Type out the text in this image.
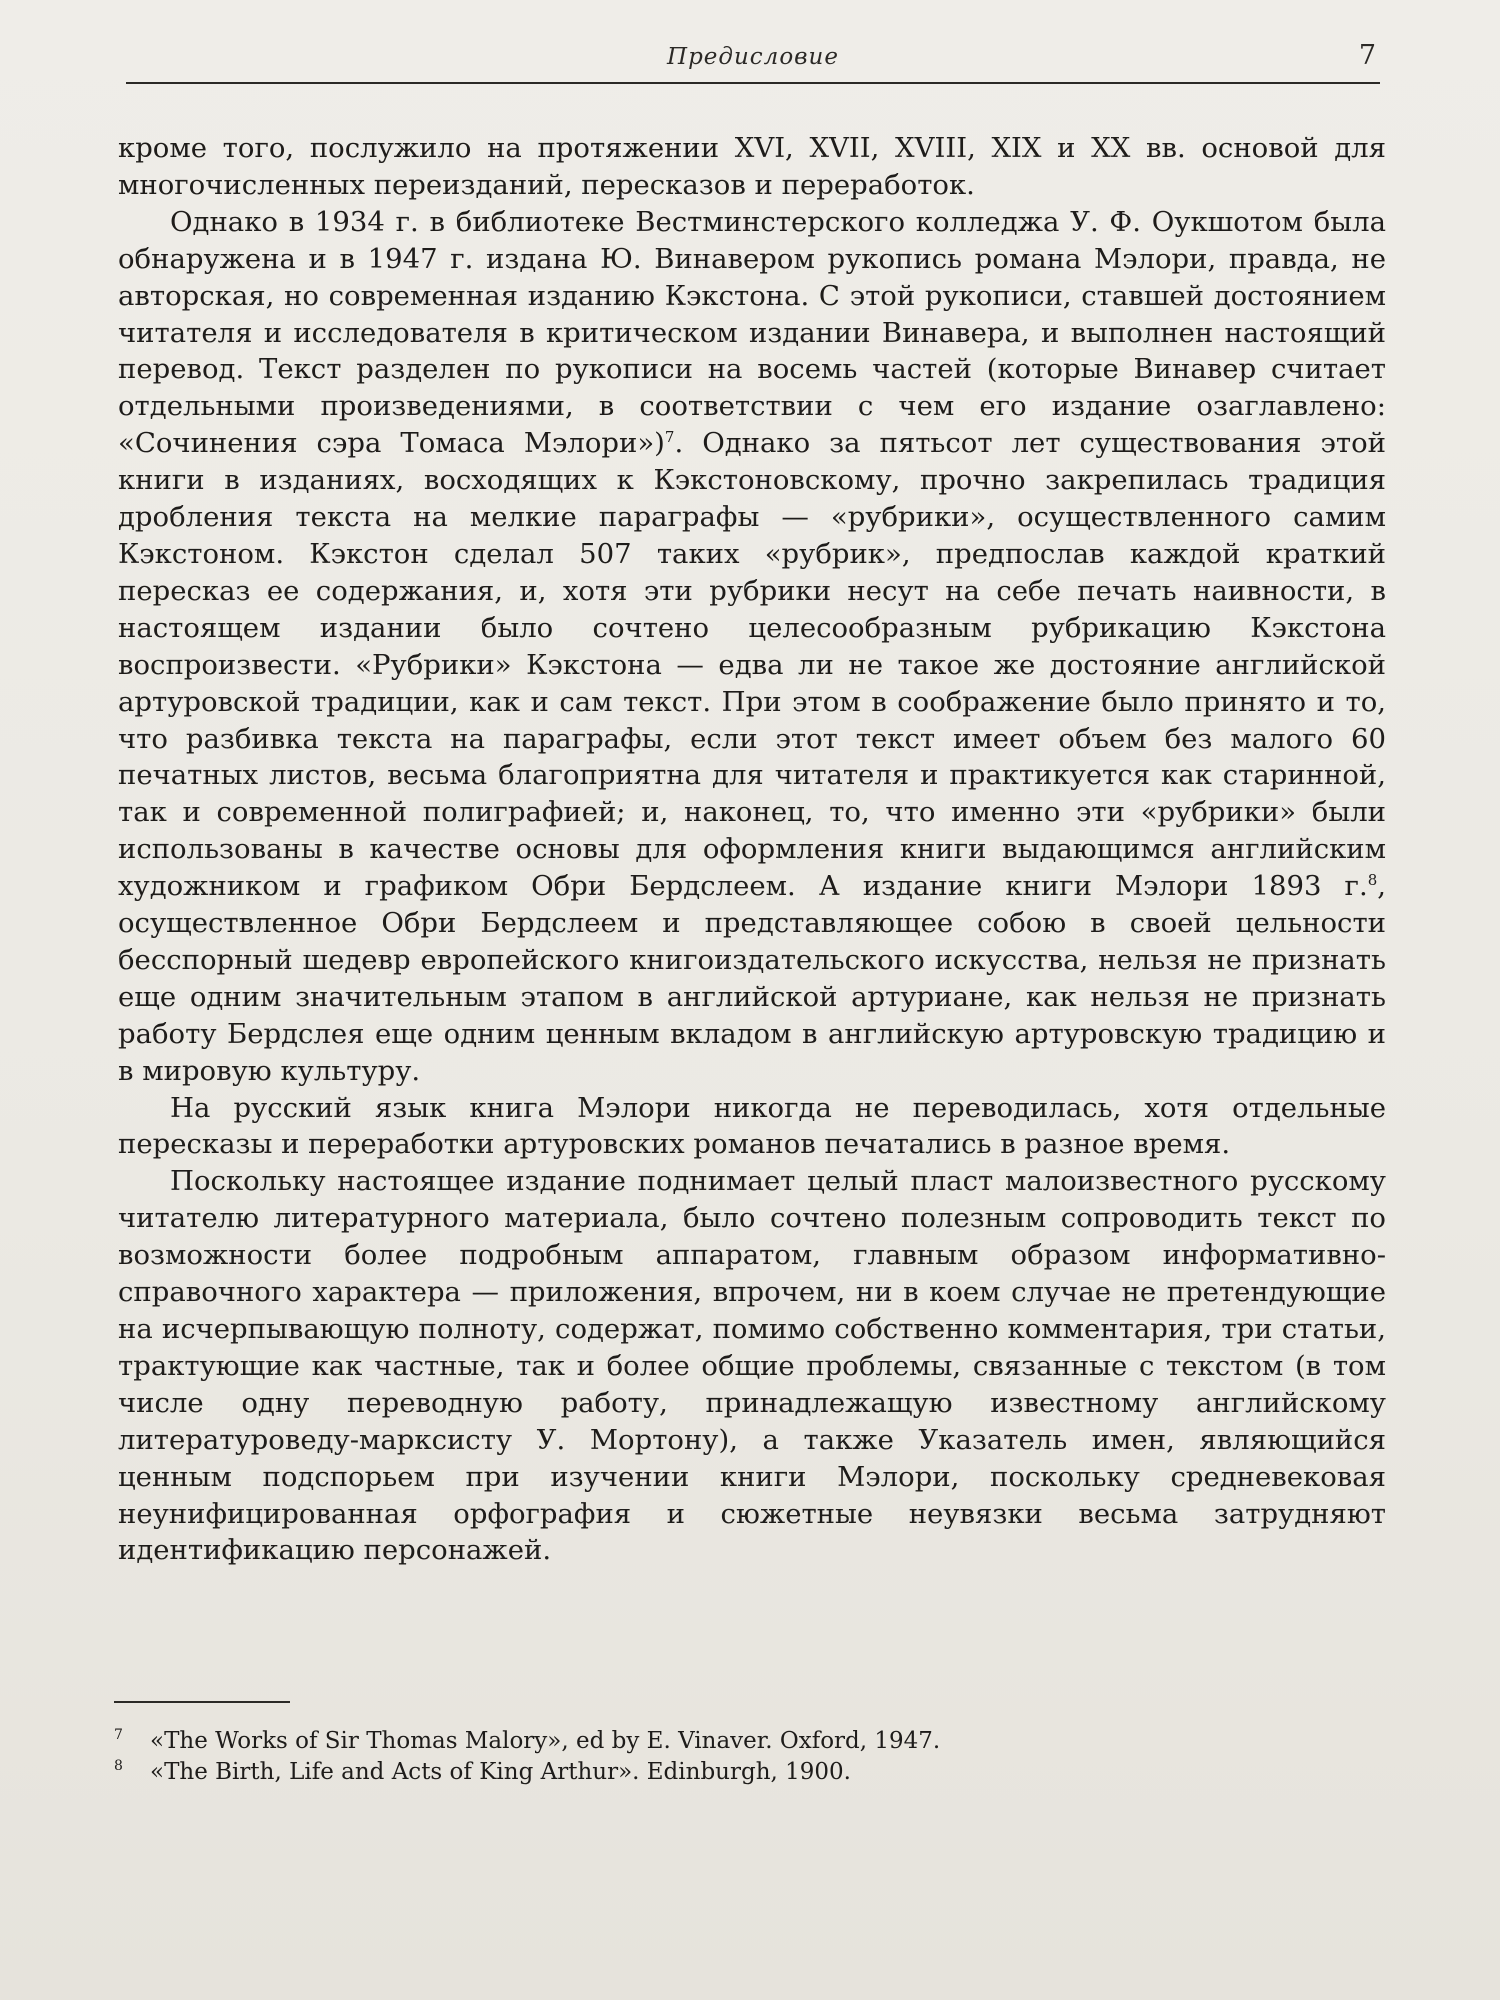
Предисловие	7

кроме того, послужило на протяжении XVI, XVII, XVIII, XIX и XX вв. основой для многочисленных переизданий, пересказов и переработок.

Однако в 1934 г. в библиотеке Вестминстерского колледжа У. Ф. Оукшотом была обнаружена и в 1947 г. издана Ю. Винавером рукопись романа Мэлори, правда, не авторская, но современная изданию Кэкстона. С этой рукописи, ставшей достоянием читателя и исследователя в критическом издании Винавера, и выполнен настоящий перевод. Текст разделен по рукописи на восемь частей (которые Винавер считает отдельными произведениями, в соответствии с чем его издание озаглавлено: «Сочинения сэра Томаса Мэлори»)$^7$. Однако за пятьсот лет существования этой книги в изданиях, восходящих к Кэкстоновскому, прочно закрепилась традиция дробления текста на мелкие параграфы — «рубрики», осуществленного самим Кэкстоном. Кэкстон сделал 507 таких «рубрик», предпослав каждой краткий пересказ ее содержания, и, хотя эти рубрики несут на себе печать наивности, в настоящем издании было сочтено целесообразным рубрикацию Кэкстона воспроизвести. «Рубрики» Кэкстона — едва ли не такое же достояние английской артуровской традиции, как и сам текст. При этом в соображение было принято и то, что разбивка текста на параграфы, если этот текст имеет объем без малого 60 печатных листов, весьма благоприятна для читателя и практикуется как старинной, так и современной полиграфией; и, наконец, то, что именно эти «рубрики» были использованы в качестве основы для оформления книги выдающимся английским художником и графиком Обри Бердслеем. А издание книги Мэлори 1893 г.$^8$, осуществленное Обри Бердслеем и представляющее собою в своей цельности бесспорный шедевр европейского книгоиздательского искусства, нельзя не признать еще одним значительным этапом в английской артуриане, как нельзя не признать работу Бердслея еще одним ценным вкладом в английскую артуровскую традицию и в мировую культуру.

На русский язык книга Мэлори никогда не переводилась, хотя отдельные пересказы и переработки артуровских романов печатались в разное время.

Поскольку настоящее издание поднимает целый пласт малоизвестного русскому читателю литературного материала, было сочтено полезным сопроводить текст по возможности более подробным аппаратом, главным образом информативно-справочного характера — приложения, впрочем, ни в коем случае не претендующие на исчерпывающую полноту, содержат, помимо собственно комментария, три статьи, трактующие как частные, так и более общие проблемы, связанные с текстом (в том числе одну переводную работу, принадлежащую известному английскому литературоведу-марксисту У. Мортону), а также Указатель имен, являющийся ценным подспорьем при изучении книги Мэлори, поскольку средневековая неунифицированная орфография и сюжетные неувязки весьма затрудняют идентификацию персонажей.

7 «The Works of Sir Thomas Malory», ed by E. Vinaver. Oxford, 1947.
8 «The Birth, Life and Acts of King Arthur». Edinburgh, 1900.
